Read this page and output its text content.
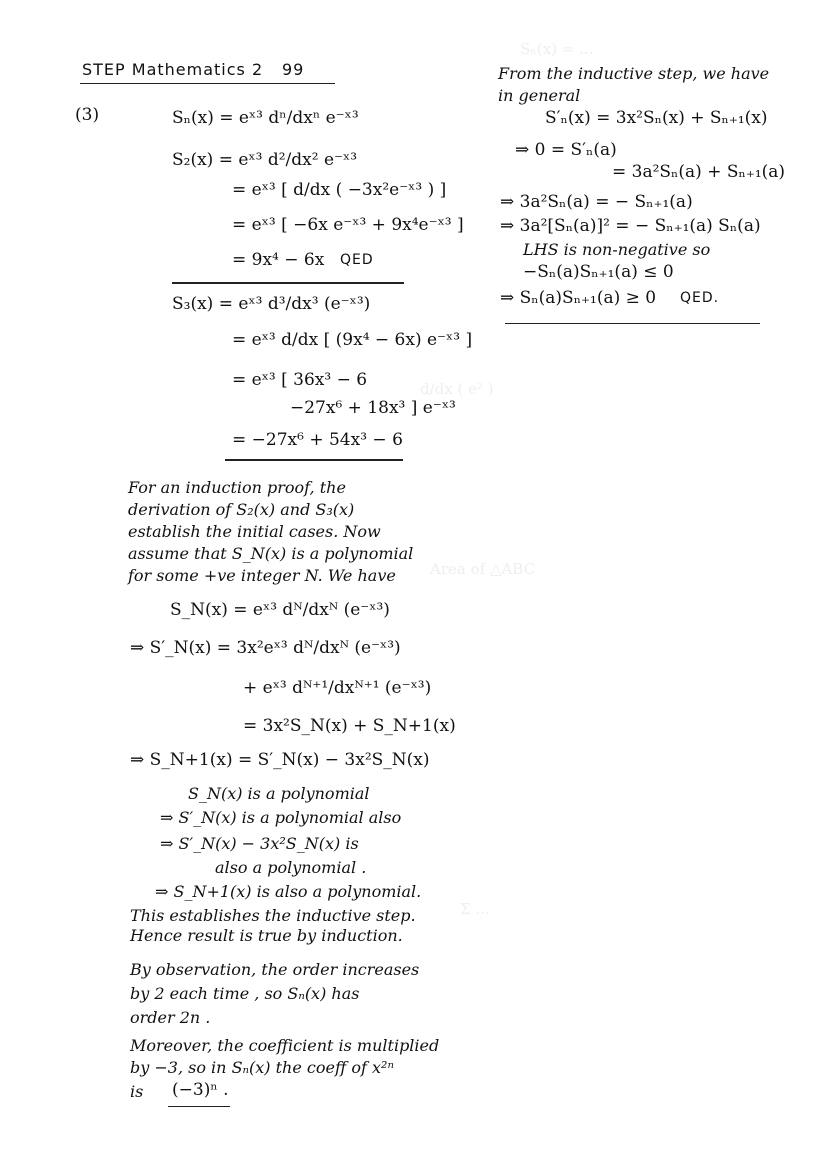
Sₙ(x) = ...
d/dx ( e² )
Area of △ABC
Σ ...
STEP Mathematics 2 99
(3)	Sₙ(x) = eˣ³ dⁿ/dxⁿ e⁻ˣ³
S₂(x) = eˣ³ d²/dx² e⁻ˣ³
= eˣ³ [ d/dx ( −3x²e⁻ˣ³ ) ]
= eˣ³ [ −6x e⁻ˣ³ + 9x⁴e⁻ˣ³ ]
= 9x⁴ − 6x QED
S₃(x) = eˣ³ d³/dx³ (e⁻ˣ³)
= eˣ³ d/dx [ (9x⁴ − 6x) e⁻ˣ³ ]
= eˣ³ [ 36x³ − 6
−27x⁶ + 18x³ ] e⁻ˣ³
= −27x⁶ + 54x³ − 6
For an induction proof, the
derivation of S₂(x) and S₃(x)
establish the initial cases. Now
assume that S_N(x) is a polynomial
for some +ve integer N. We have
S_N(x) = eˣ³ dᴺ/dxᴺ (e⁻ˣ³)
⇒ S′_N(x) = 3x²eˣ³ dᴺ/dxᴺ (e⁻ˣ³)
+ eˣ³ dᴺ⁺¹/dxᴺ⁺¹ (e⁻ˣ³)
= 3x²S_N(x) + S_N+1(x)
⇒ S_N+1(x) = S′_N(x) − 3x²S_N(x)
S_N(x) is a polynomial
⇒ S′_N(x) is a polynomial also
⇒ S′_N(x) − 3x²S_N(x) is
also a polynomial .
⇒ S_N+1(x) is also a polynomial.
This establishes the inductive step.
Hence result is true by induction.
By observation, the order increases
by 2 each time , so Sₙ(x) has
order 2n .
Moreover, the coefficient is multiplied
by −3, so in Sₙ(x) the coeff of x²ⁿ
is (−3)ⁿ .
From the inductive step, we have
in general
S′ₙ(x) = 3x²Sₙ(x) + Sₙ₊₁(x)
⇒ 0 = S′ₙ(a)
= 3a²Sₙ(a) + Sₙ₊₁(a)
⇒ 3a²Sₙ(a) = − Sₙ₊₁(a)
⇒ 3a²[Sₙ(a)]² = − Sₙ₊₁(a) Sₙ(a)
LHS is non-negative so
−Sₙ(a)Sₙ₊₁(a) ≤ 0
⇒ Sₙ(a)Sₙ₊₁(a) ≥ 0 QED.
